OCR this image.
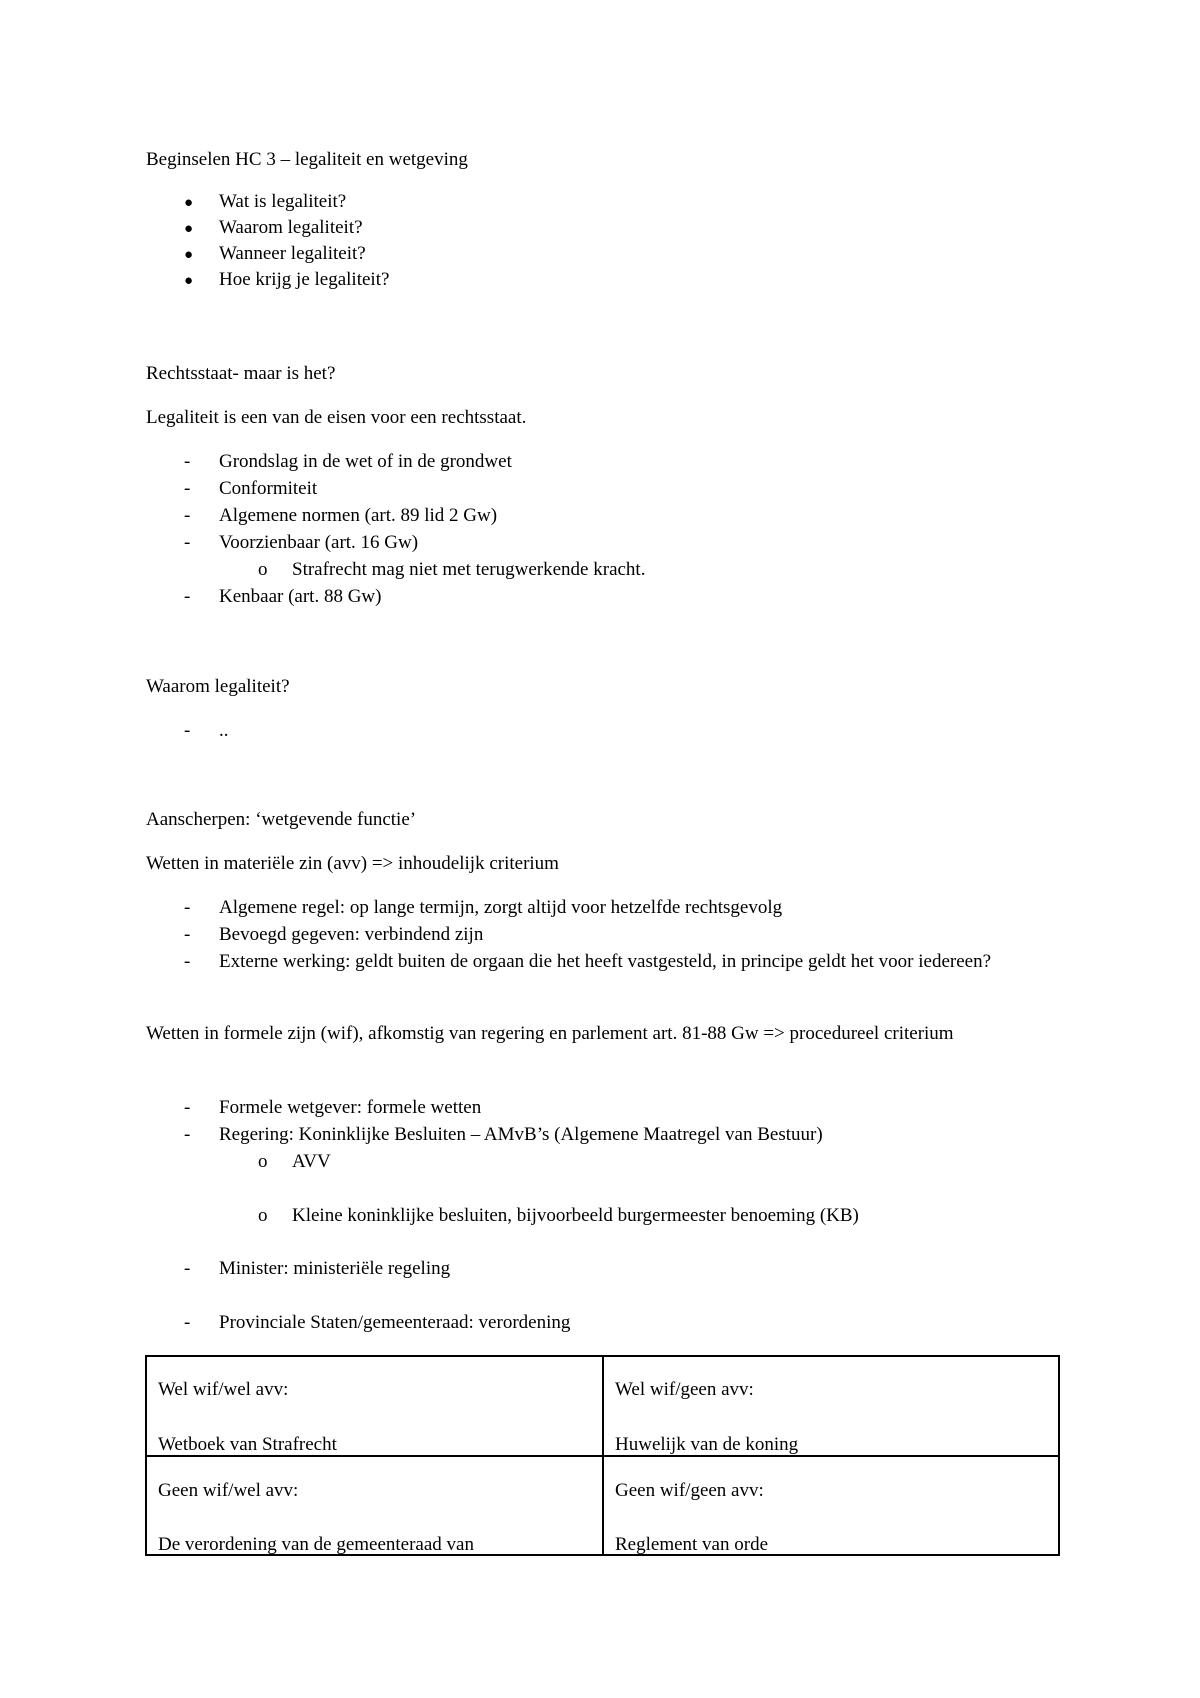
Beginselen HC 3 – legaliteit en wetgeving
● Wat is legaliteit?
● Waarom legaliteit?
● Wanneer legaliteit?
● Hoe krijg je legaliteit?
Rechtsstaat- maar is het?
Legaliteit is een van de eisen voor een rechtsstaat.
- Grondslag in de wet of in de grondwet
- Conformiteit
- Algemene normen (art. 89 lid 2 Gw)
- Voorzienbaar (art. 16 Gw)
o Strafrecht mag niet met terugwerkende kracht.
- Kenbaar (art. 88 Gw)
Waarom legaliteit?
- ..
Aanscherpen: ‘wetgevende functie’
Wetten in materiële zin (avv) => inhoudelijk criterium
- Algemene regel: op lange termijn, zorgt altijd voor hetzelfde rechtsgevolg
- Bevoegd gegeven: verbindend zijn
- Externe werking: geldt buiten de orgaan die het heeft vastgesteld, in principe geldt het voor iedereen?
Wetten in formele zijn (wif), afkomstig van regering en parlement art. 81-88 Gw => procedureel criterium
- Formele wetgever: formele wetten
- Regering: Koninklijke Besluiten – AMvB’s (Algemene Maatregel van Bestuur)
o AVV
o Kleine koninklijke besluiten, bijvoorbeeld burgermeester benoeming (KB)
- Minister: ministeriële regeling
- Provinciale Staten/gemeenteraad: verordening
Wel wif/wel avv:
Wetboek van Strafrecht
Wel wif/geen avv:
Huwelijk van de koning
Geen wif/wel avv:
De verordening van de gemeenteraad van
Geen wif/geen avv:
Reglement van orde
